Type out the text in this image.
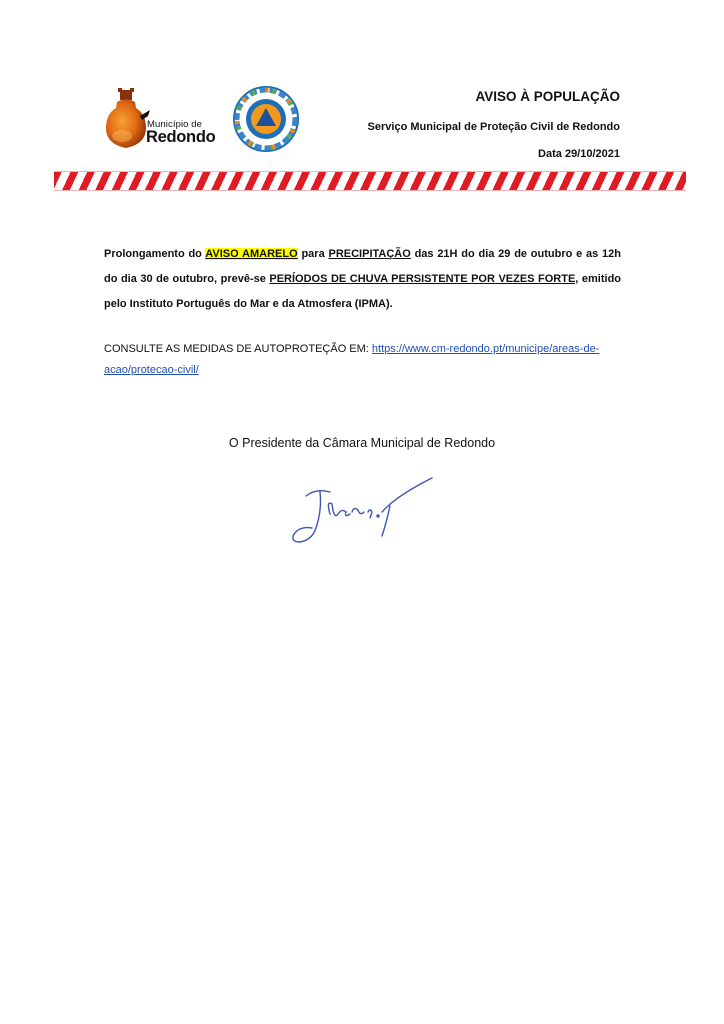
Município de
Redondo
AVISO À POPULAÇÃO
Serviço Municipal de Proteção Civil de Redondo
Data 29/10/2021
Prolongamento do AVISO AMARELO para PRECIPITAÇÃO das 21H do dia 29 de outubro e as 12h do dia 30 de outubro, prevê-se PERÍODOS DE CHUVA PERSISTENTE POR VEZES FORTE, emitido pelo Instituto Português do Mar e da Atmosfera (IPMA).
CONSULTE AS MEDIDAS DE AUTOPROTEÇÃO EM: https://www.cm-redondo.pt/municipe/areas-de-acao/protecao-civil/
O Presidente da Câmara Municipal de Redondo
